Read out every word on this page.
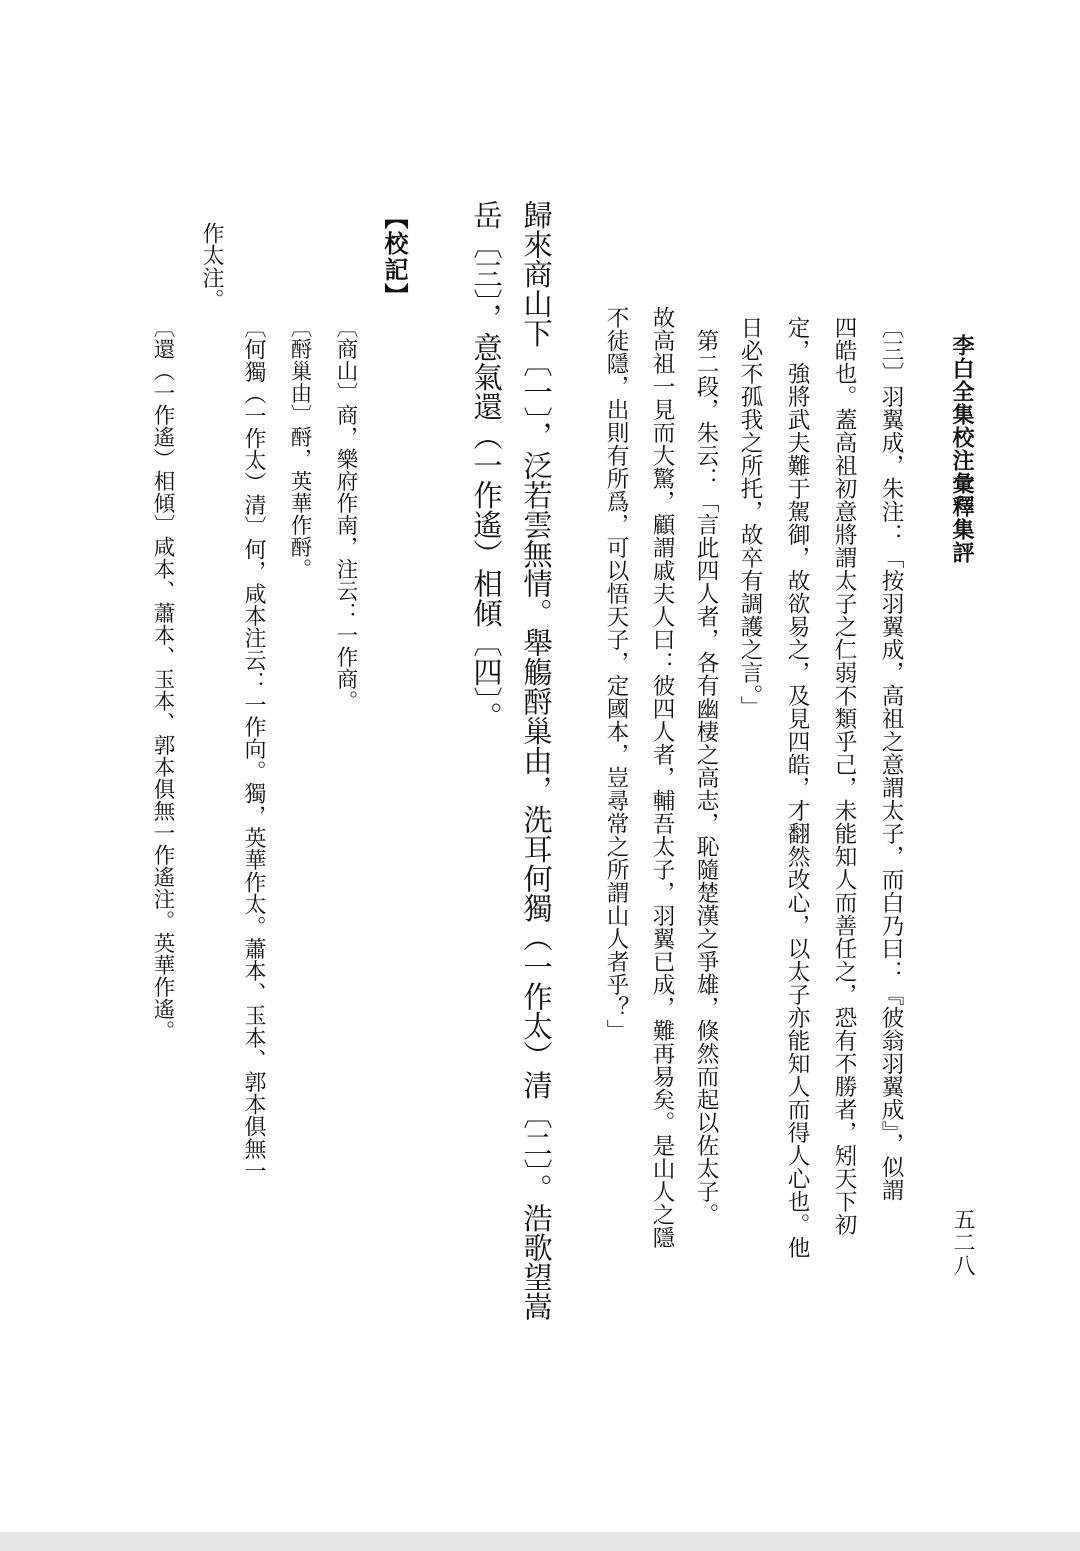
李白全集校注彙釋集評
五二八
〔三〕羽翼成，朱注：「按羽翼成，高祖之意謂太子，而白乃曰：『彼翁羽翼成』，似謂
四皓也。蓋高祖初意將謂太子之仁弱不類乎己，未能知人而善任之，恐有不勝者，矧天下初
定，強將武夫難于駕御，故欲易之，及見四皓，才翻然改心，以太子亦能知人而得人心也。他
日必不孤我之所托，故卒有調護之言。」
　第二段，朱云：「言此四人者，各有幽棲之高志，恥隨楚漢之爭雄，倏然而起以佐太子。
故高祖一見而大驚，顧謂戚夫人曰：彼四人者，輔吾太子，羽翼已成，難再易矣。是山人之隱
不徒隱，出則有所爲，可以悟天子，定國本，豈尋常之所謂山人者乎？」
歸來商山下〔一〕，泛若雲無情。舉觴酹巢由，洗耳何獨（一作太）清〔二〕。浩歌望嵩
岳〔三〕，意氣還（一作遙）相傾〔四〕。
【校記】
〔商山〕商，樂府作南，注云：一作商。
〔酹巢由〕酹，英華作酹。
〔何獨（一作太）清〕何，咸本注云：一作向。獨，英華作太。蕭本、玉本、郭本俱無一
作太注。
〔還（一作遙）相傾〕咸本、蕭本、玉本、郭本俱無一作遙注。英華作遙。
